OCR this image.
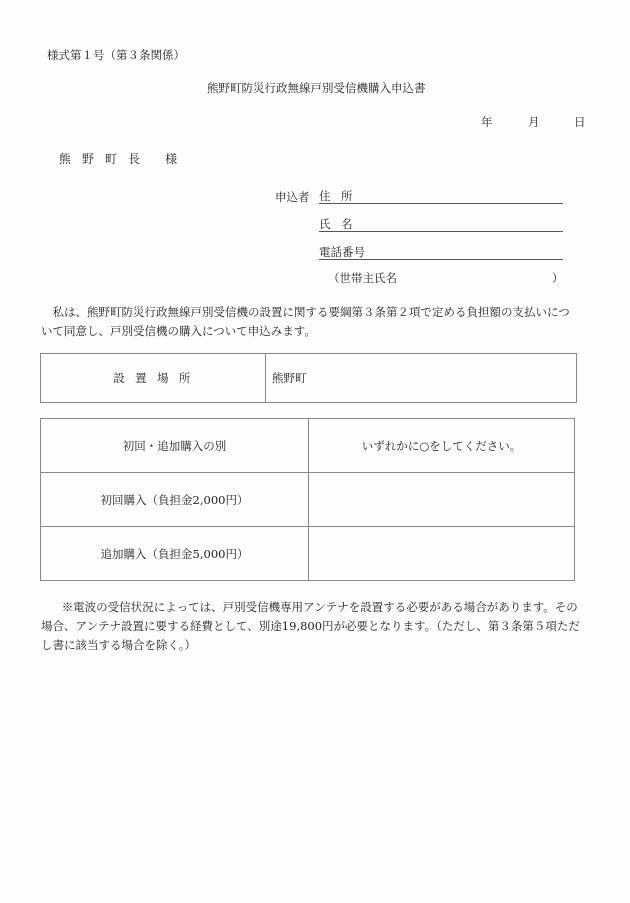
様式第１号（第３条関係）
熊野町防災行政無線戸別受信機購入申込書
年	月	日
熊 野 町 長 様
申込者 住 所
氏 名
電話番号
（世帯主氏名	）
私は、熊野町防災行政無線戸別受信機の設置に関する要綱第３条第２項で定める負担額の支払いについて同意し、戸別受信機の購入について申込みます。
設置場所	熊野町
初回・追加購入の別	いずれかに○をしてください。
初回購入（負担金2,000円）	
追加購入（負担金5,000円）	
※電波の受信状況によっては、戸別受信機専用アンテナを設置する必要がある場合があります。その場合、アンテナ設置に要する経費として、別途19,800円が必要となります。（ただし、第３条第５項ただし書に該当する場合を除く。）
